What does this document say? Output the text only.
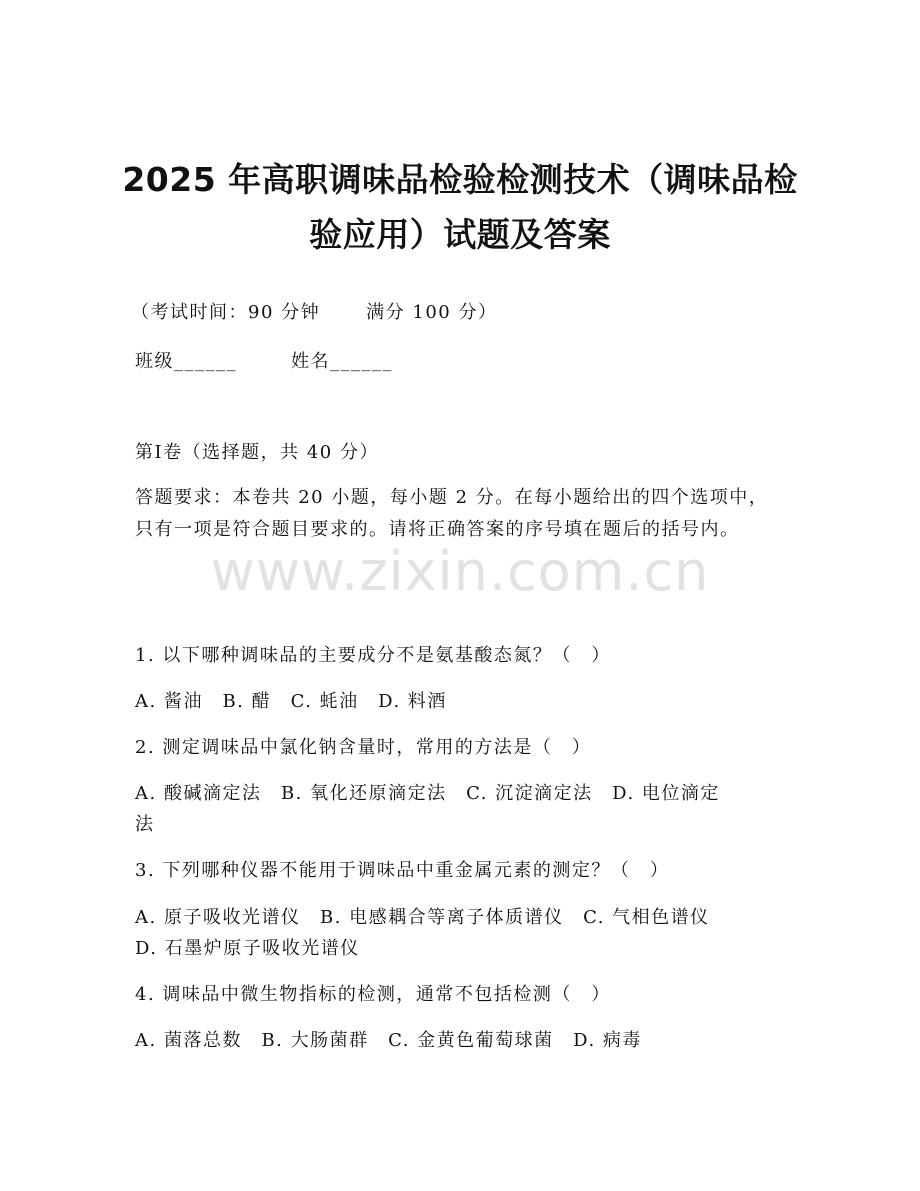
2025 年高职调味品检验检测技术（调味品检
验应用）试题及答案
（考试时间：90 分钟	满分 100 分）
班级______	姓名______
第Ⅰ卷（选择题，共 40 分）
答题要求：本卷共 20 小题，每小题 2 分。在每小题给出的四个选项中，只有一项是符合题目要求的。请将正确答案的序号填在题后的括号内。
www.zixin.com.cn
1. 以下哪种调味品的主要成分不是氨基酸态氮？（　）
A. 酱油　B. 醋　C. 蚝油　D. 料酒
2. 测定调味品中氯化钠含量时，常用的方法是（　）
A. 酸碱滴定法　B. 氧化还原滴定法　C. 沉淀滴定法　D. 电位滴定
法
3. 下列哪种仪器不能用于调味品中重金属元素的测定？（　）
A. 原子吸收光谱仪　B. 电感耦合等离子体质谱仪　C. 气相色谱仪
D. 石墨炉原子吸收光谱仪
4. 调味品中微生物指标的检测，通常不包括检测（　）
A. 菌落总数　B. 大肠菌群　C. 金黄色葡萄球菌　D. 病毒
